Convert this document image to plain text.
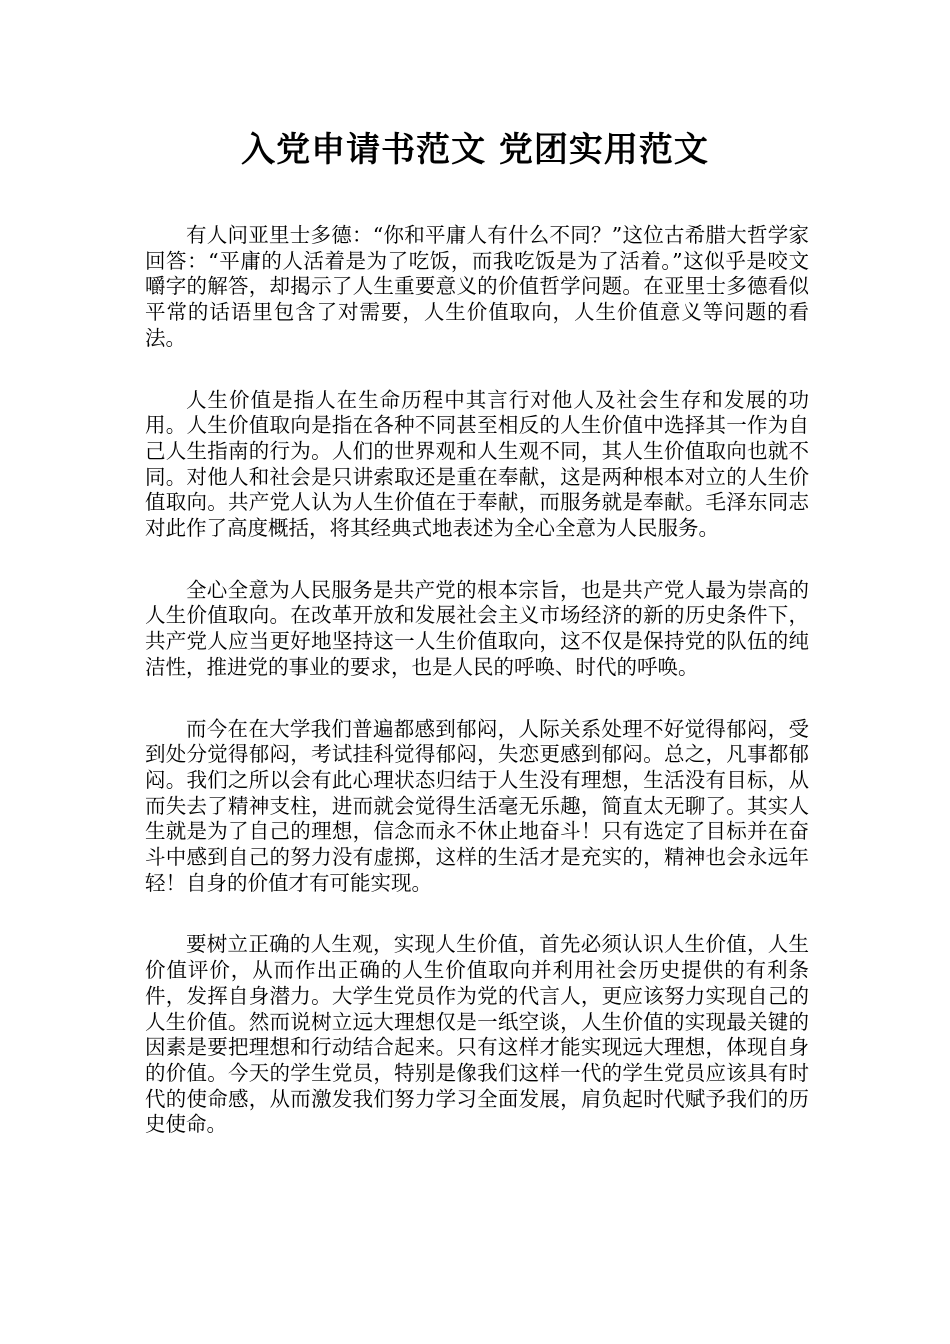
入党申请书范文 党团实用范文

有人问亚里士多德：“你和平庸人有什么不同？”这位古希腊大哲学家回答：“平庸的人活着是为了吃饭，而我吃饭是为了活着。”这似乎是咬文嚼字的解答，却揭示了人生重要意义的价值哲学问题。在亚里士多德看似平常的话语里包含了对需要，人生价值取向，人生价值意义等问题的看法。

人生价值是指人在生命历程中其言行对他人及社会生存和发展的功用。人生价值取向是指在各种不同甚至相反的人生价值中选择其一作为自己人生指南的行为。人们的世界观和人生观不同，其人生价值取向也就不同。对他人和社会是只讲索取还是重在奉献，这是两种根本对立的人生价值取向。共产党人认为人生价值在于奉献，而服务就是奉献。毛泽东同志对此作了高度概括，将其经典式地表述为全心全意为人民服务。

全心全意为人民服务是共产党的根本宗旨，也是共产党人最为崇高的人生价值取向。在改革开放和发展社会主义市场经济的新的历史条件下，共产党人应当更好地坚持这一人生价值取向，这不仅是保持党的队伍的纯洁性，推进党的事业的要求，也是人民的呼唤、时代的呼唤。

而今在在大学我们普遍都感到郁闷，人际关系处理不好觉得郁闷，受到处分觉得郁闷，考试挂科觉得郁闷，失恋更感到郁闷。总之，凡事都郁闷。我们之所以会有此心理状态归结于人生没有理想，生活没有目标，从而失去了精神支柱，进而就会觉得生活毫无乐趣，简直太无聊了。其实人生就是为了自己的理想，信念而永不休止地奋斗！只有选定了目标并在奋斗中感到自己的努力没有虚掷，这样的生活才是充实的，精神也会永远年轻！自身的价值才有可能实现。

要树立正确的人生观，实现人生价值，首先必须认识人生价值，人生价值评价，从而作出正确的人生价值取向并利用社会历史提供的有利条件，发挥自身潜力。大学生党员作为党的代言人，更应该努力实现自己的人生价值。然而说树立远大理想仅是一纸空谈，人生价值的实现最关键的因素是要把理想和行动结合起来。只有这样才能实现远大理想，体现自身的价值。今天的学生党员，特别是像我们这样一代的学生党员应该具有时代的使命感，从而激发我们努力学习全面发展，肩负起时代赋予我们的历史使命。
